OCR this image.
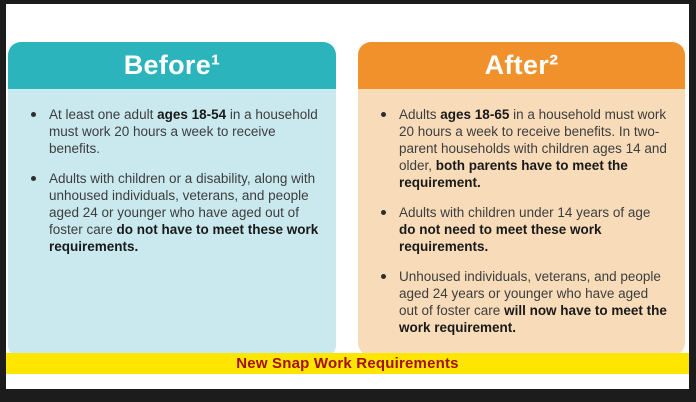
Before¹
At least one adult ages 18-54 in a household must work 20 hours a week to receive benefits.
Adults with children or a disability, along with unhoused individuals, veterans, and people aged 24 or younger who have aged out of foster care do not have to meet these work requirements.
After²
Adults ages 18-65 in a household must work 20 hours a week to receive benefits. In two-parent households with children ages 14 and older, both parents have to meet the requirement.
Adults with children under 14 years of age do not need to meet these work requirements.
Unhoused individuals, veterans, and people aged 24 years or younger who have aged out of foster care will now have to meet the work requirement.
New Snap Work Requirements
